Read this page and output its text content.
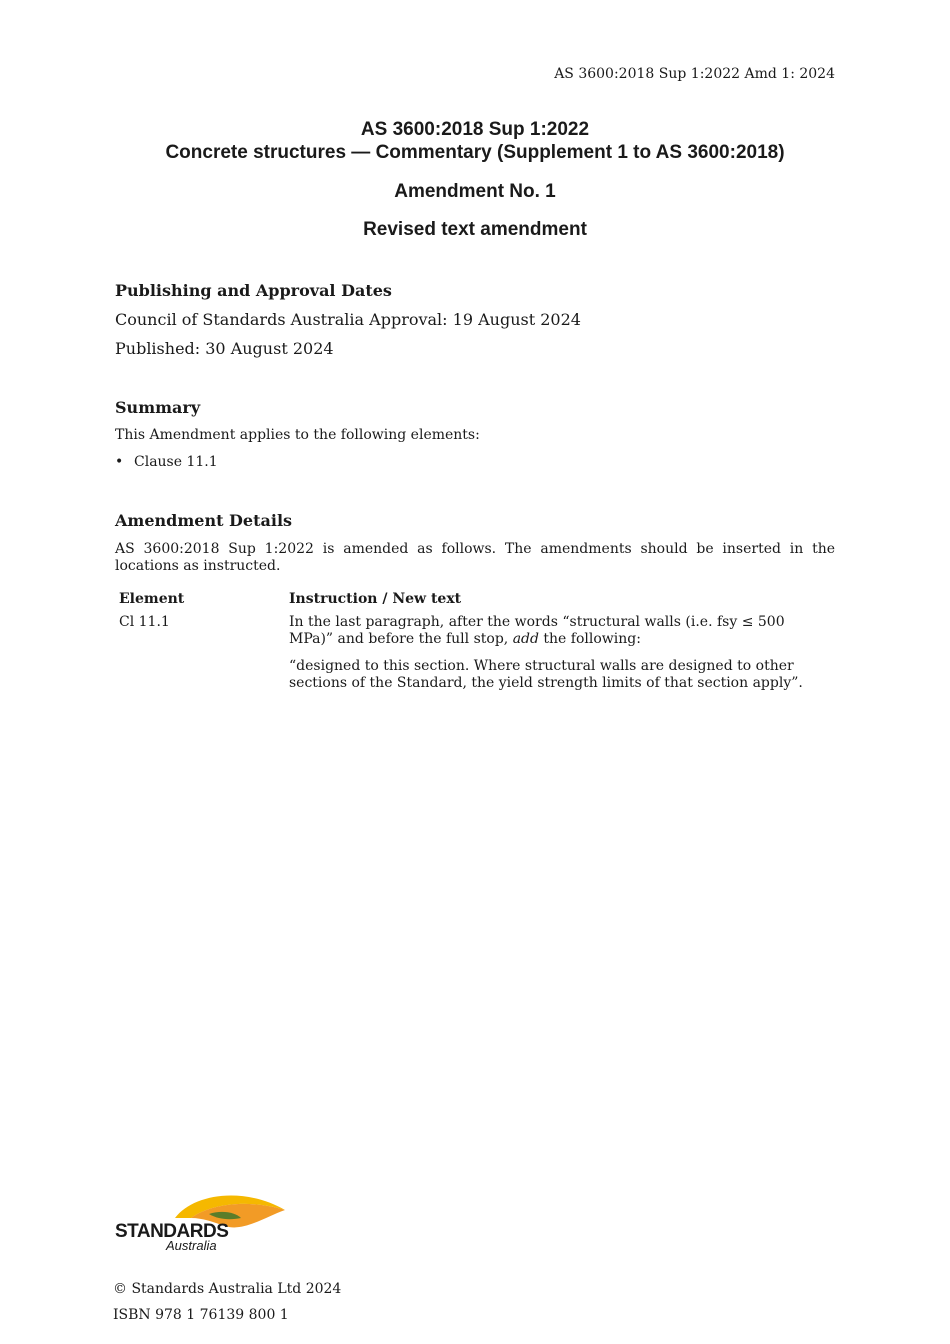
AS 3600:2018 Sup 1:2022 Amd 1: 2024
AS 3600:2018 Sup 1:2022
Concrete structures — Commentary (Supplement 1 to AS 3600:2018)
Amendment No. 1
Revised text amendment
Publishing and Approval Dates
Council of Standards Australia Approval: 19 August 2024
Published: 30 August 2024
Summary
This Amendment applies to the following elements:
• Clause 11.1
Amendment Details
AS 3600:2018 Sup 1:2022 is amended as follows. The amendments should be inserted in the locations as instructed.
Element	Instruction / New text
Cl 11.1	In the last paragraph, after the words “structural walls (i.e. fsy ≤ 500 MPa)” and before the full stop, add the following:
“designed to this section. Where structural walls are designed to other sections of the Standard, the yield strength limits of that section apply”.
STANDARDS
Australia
© Standards Australia Ltd 2024
ISBN 978 1 76139 800 1
